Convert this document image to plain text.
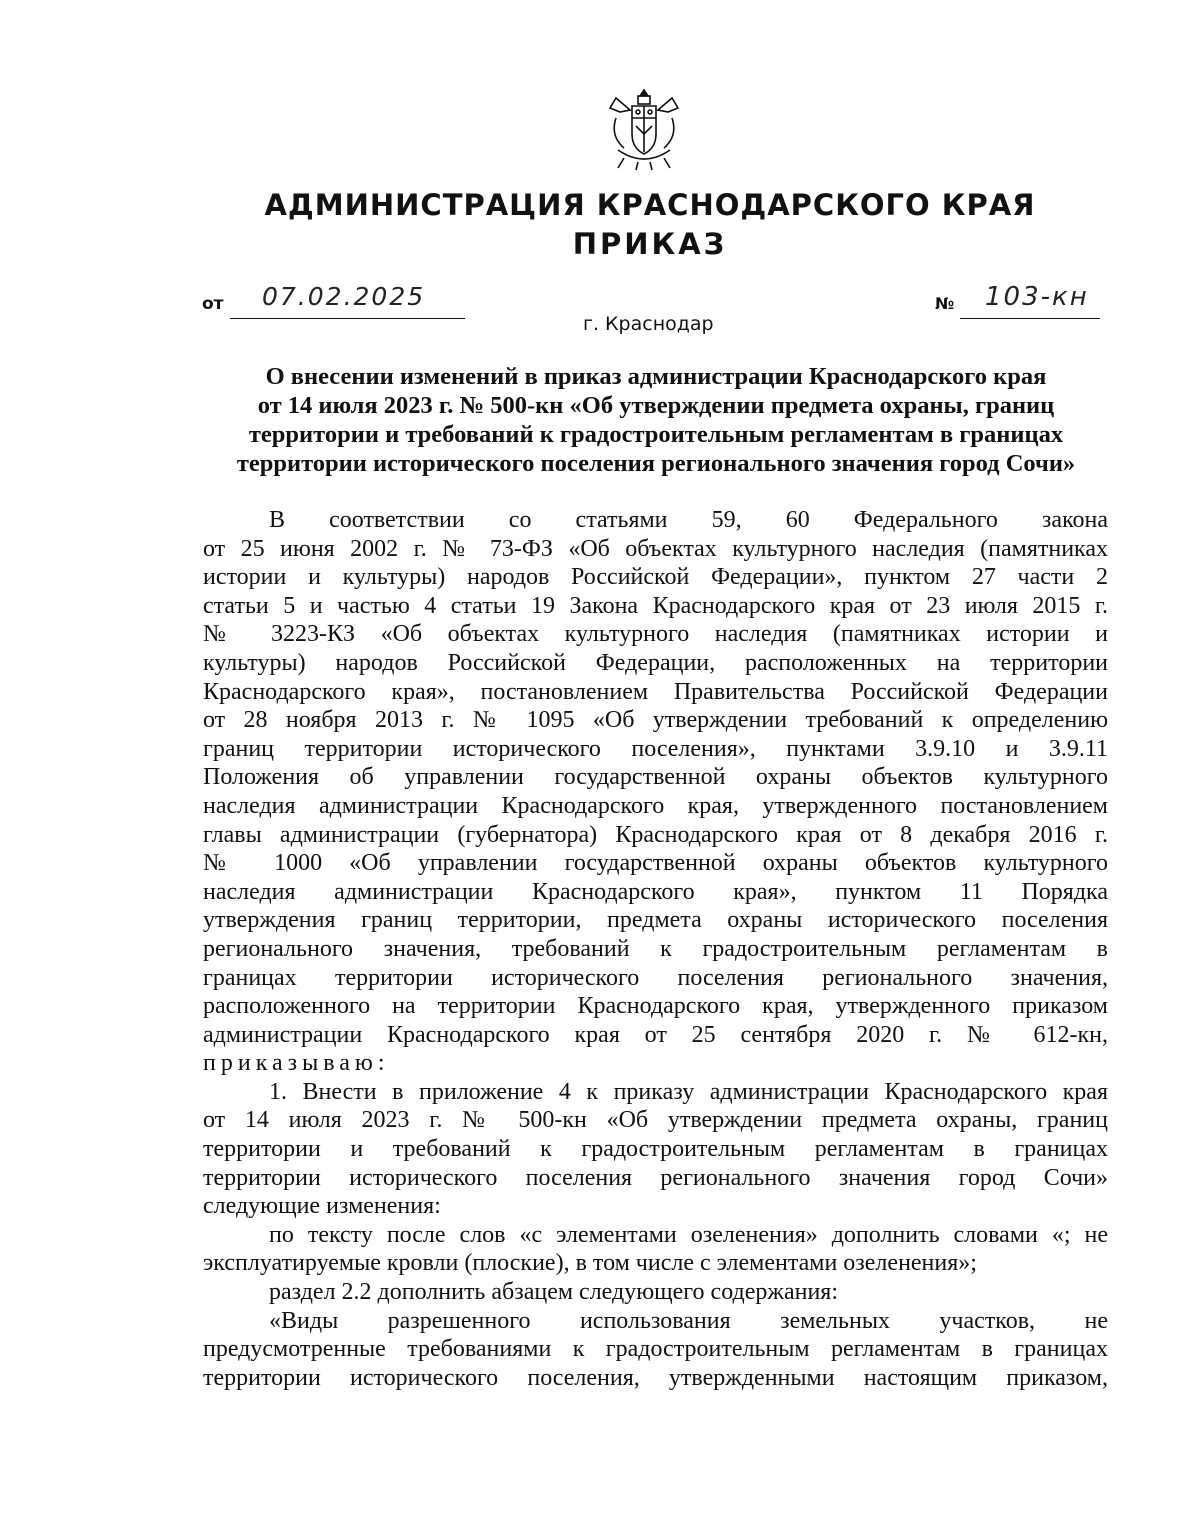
АДМИНИСТРАЦИЯ КРАСНОДАРСКОГО КРАЯ
ПРИКАЗ
от 07.02.2025	№ 103-кн
г. Краснодар
О внесении изменений в приказ администрации Краснодарского края
от 14 июля 2023 г. № 500-кн «Об утверждении предмета охраны, границ
территории и требований к градостроительным регламентам в границах
территории исторического поселения регионального значения город Сочи»

В соответствии со статьями 59, 60 Федерального закона

от 25 июня 2002 г. № 73-ФЗ «Об объектах культурного наследия (памятниках

истории и культуры) народов Российской Федерации», пунктом 27 части 2

статьи 5 и частью 4 статьи 19 Закона Краснодарского края от 23 июля 2015 г.

№ 3223-КЗ «Об объектах культурного наследия (памятниках истории и

культуры) народов Российской Федерации, расположенных на территории

Краснодарского края», постановлением Правительства Российской Федерации

от 28 ноября 2013 г. № 1095 «Об утверждении требований к определению

границ территории исторического поселения», пунктами 3.9.10 и 3.9.11

Положения об управлении государственной охраны объектов культурного

наследия администрации Краснодарского края, утвержденного постановлением

главы администрации (губернатора) Краснодарского края от 8 декабря 2016 г.

№ 1000 «Об управлении государственной охраны объектов культурного

наследия администрации Краснодарского края», пунктом 11 Порядка

утверждения границ территории, предмета охраны исторического поселения

регионального значения, требований к градостроительным регламентам в

границах территории исторического поселения регионального значения,

расположенного на территории Краснодарского края, утвержденного приказом

администрации Краснодарского края от 25 сентября 2020 г. № 612-кн,

приказываю:

1. Внести в приложение 4 к приказу администрации Краснодарского края

от 14 июля 2023 г. № 500-кн «Об утверждении предмета охраны, границ

территории и требований к градостроительным регламентам в границах

территории исторического поселения регионального значения город Сочи»

следующие изменения:

по тексту после слов «с элементами озеленения» дополнить словами «; не

эксплуатируемые кровли (плоские), в том числе с элементами озеленения»;

раздел 2.2 дополнить абзацем следующего содержания:

«Виды разрешенного использования земельных участков, не

предусмотренные требованиями к градостроительным регламентам в границах

территории исторического поселения, утвержденными настоящим приказом,
